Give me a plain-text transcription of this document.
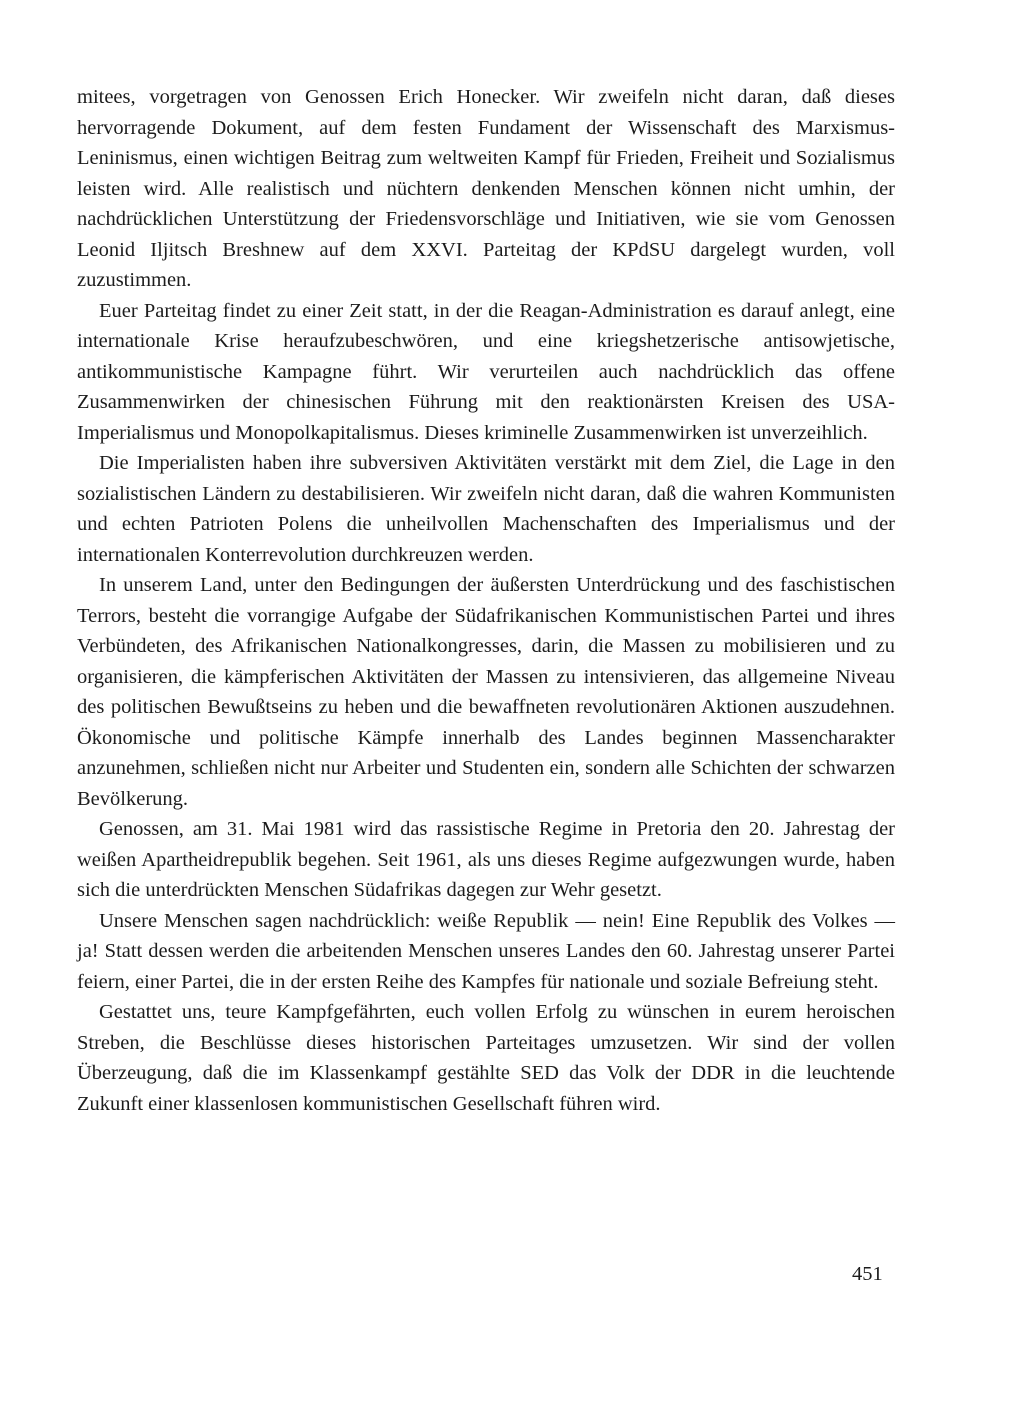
mitees, vorgetragen von Genossen Erich Honecker. Wir zweifeln nicht daran, daß dieses hervorragende Dokument, auf dem festen Fundament der Wissenschaft des Marxismus-Leninismus, einen wichtigen Beitrag zum weltweiten Kampf für Frieden, Freiheit und Sozialismus leisten wird. Alle realistisch und nüchtern denkenden Menschen können nicht umhin, der nachdrücklichen Unterstützung der Friedensvorschläge und Initiativen, wie sie vom Genossen Leonid Iljitsch Breshnew auf dem XXVI. Parteitag der KPdSU dargelegt wurden, voll zuzustimmen.

Euer Parteitag findet zu einer Zeit statt, in der die Reagan-Administration es darauf anlegt, eine internationale Krise heraufzubeschwören, und eine kriegshetzerische antisowjetische, antikommunistische Kampagne führt. Wir verurteilen auch nachdrücklich das offene Zusammenwirken der chinesischen Führung mit den reaktionärsten Kreisen des USA-Imperialismus und Monopolkapitalismus. Dieses kriminelle Zusammenwirken ist unverzeihlich.

Die Imperialisten haben ihre subversiven Aktivitäten verstärkt mit dem Ziel, die Lage in den sozialistischen Ländern zu destabilisieren. Wir zweifeln nicht daran, daß die wahren Kommunisten und echten Patrioten Polens die unheilvollen Machenschaften des Imperialismus und der internationalen Konterrevolution durchkreuzen werden.

In unserem Land, unter den Bedingungen der äußersten Unterdrückung und des faschistischen Terrors, besteht die vorrangige Aufgabe der Südafrikanischen Kommunistischen Partei und ihres Verbündeten, des Afrikanischen Nationalkongresses, darin, die Massen zu mobilisieren und zu organisieren, die kämpferischen Aktivitäten der Massen zu intensivieren, das allgemeine Niveau des politischen Bewußtseins zu heben und die bewaffneten revolutionären Aktionen auszudehnen. Ökonomische und politische Kämpfe innerhalb des Landes beginnen Massencharakter anzunehmen, schließen nicht nur Arbeiter und Studenten ein, sondern alle Schichten der schwarzen Bevölkerung.

Genossen, am 31. Mai 1981 wird das rassistische Regime in Pretoria den 20. Jahrestag der weißen Apartheidrepublik begehen. Seit 1961, als uns dieses Regime aufgezwungen wurde, haben sich die unterdrückten Menschen Südafrikas dagegen zur Wehr gesetzt.

Unsere Menschen sagen nachdrücklich: weiße Republik — nein! Eine Republik des Volkes — ja! Statt dessen werden die arbeitenden Menschen unseres Landes den 60. Jahrestag unserer Partei feiern, einer Partei, die in der ersten Reihe des Kampfes für nationale und soziale Befreiung steht.

Gestattet uns, teure Kampfgefährten, euch vollen Erfolg zu wünschen in eurem heroischen Streben, die Beschlüsse dieses historischen Parteitages umzusetzen. Wir sind der vollen Überzeugung, daß die im Klassenkampf gestählte SED das Volk der DDR in die leuchtende Zukunft einer klassenlosen kommunistischen Gesellschaft führen wird.

451
